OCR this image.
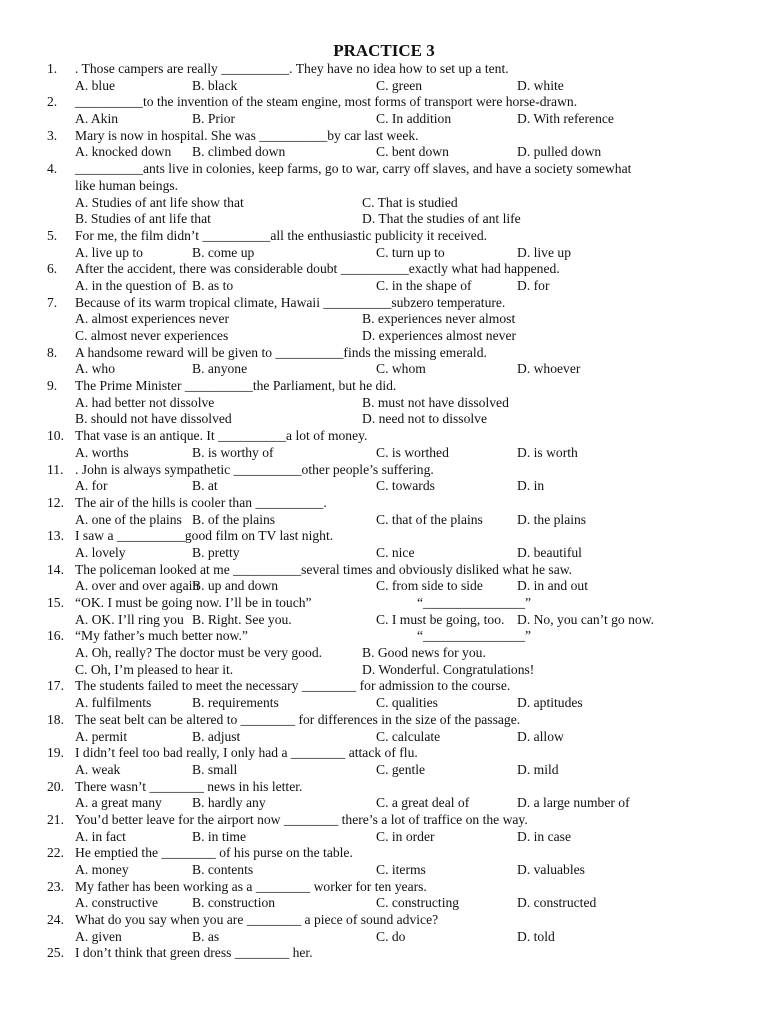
PRACTICE 3
1. . Those campers are really __________. They have no idea how to set up a tent.
A. blue	B. black	C. green	D. white
2. __________to the invention of the steam engine, most forms of transport were horse-drawn.
A. Akin	B. Prior	C. In addition	D. With reference
3. Mary is now in hospital. She was __________by car last week.
A. knocked down B. climbed down	C. bent down	D. pulled down
4. __________ants live in colonies, keep farms, go to war, carry off slaves, and have a society somewhat
like human beings.
A. Studies of ant life show that	C. That is studied
B. Studies of ant life that	D. That the studies of ant life
5. For me, the film didn’t __________all the enthusiastic publicity it received.
A. live up to	B. come up	C. turn up to	D. live up
6. After the accident, there was considerable doubt __________exactly what had happened.
A. in the question of B. as to	C. in the shape of	D. for
7. Because of its warm tropical climate, Hawaii __________subzero temperature.
A. almost experiences never	B. experiences never almost
C. almost never experiences	D. experiences almost never
8. A handsome reward will be given to __________finds the missing emerald.
A. who	B. anyone	C. whom	D. whoever
9. The Prime Minister __________the Parliament, but he did.
A. had better not dissolve	B. must not have dissolved
B. should not have dissolved	D. need not to dissolve
10. That vase is an antique. It __________a lot of money.
A. worths	B. is worthy of	C. is worthed	D. is worth
11. . John is always sympathetic __________other people’s suffering.
A. for	B. at	C. towards	D. in
12. The air of the hills is cooler than __________.
A. one of the plains B. of the plains	C. that of the plains	D. the plains
13. I saw a __________good film on TV last night.
A. lovely	B. pretty	C. nice	D. beautiful
14. The policeman looked at me __________several times and obviously disliked what he saw.
A. over and over again
B. up and down	C. from side to side	D. in and out
15. “OK. I must be going now. I’ll be in touch”	“_______________”
A. OK. I’ll ring you B. Right. See you.	C. I must be going, too. D. No, you can’t go now.
16. “My father’s much better now.”	“_______________”
A. Oh, really? The doctor must be very good.	B. Good news for you.
C. Oh, I’m pleased to hear it.	D. Wonderful. Congratulations!
17. The students failed to meet the necessary ________ for admission to the course.
A. fulfilments	B. requirements	C. qualities	D. aptitudes
18. The seat belt can be altered to ________ for differences in the size of the passage.
A. permit	B. adjust	C. calculate	D. allow
19. I didn’t feel too bad really, I only had a ________ attack of flu.
A. weak	B. small	C. gentle	D. mild
20. There wasn’t ________ news in his letter.
A. a great many B. hardly any	C. a great deal of	D. a large number of
21. You’d better leave for the airport now ________ there’s a lot of traffice on the way.
A. in fact	B. in time	C. in order	D. in case
22. He emptied the ________ of his purse on the table.
A. money	B. contents	C. iterms	D. valuables
23. My father has been working as a ________ worker for ten years.
A. constructive B. construction	C. constructing	D. constructed
24. What do you say when you are ________ a piece of sound advice?
A. given	B. as	C. do	D. told
25. I don’t think that green dress ________ her.
